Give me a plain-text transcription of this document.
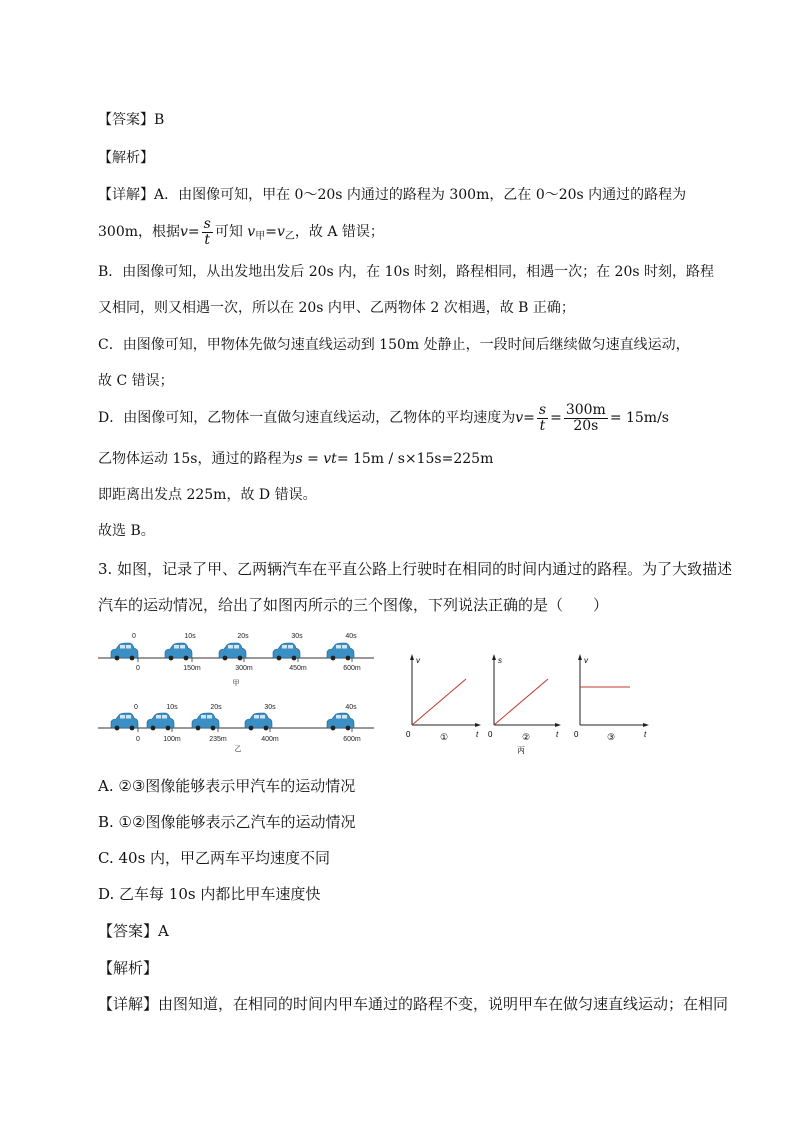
【答案】B
【解析】
【详解】A．由图像可知，甲在 0～20s 内通过的路程为 300m，乙在 0～20s 内通过的路程为
300m，根据$v= \frac{s}{t}$ 可知 $v_甲=v_乙$，故 A 错误；
B．由图像可知，从出发地出发后 20s 内，在 10s 时刻，路程相同，相遇一次；在 20s 时刻，路程
又相同，则又相遇一次，所以在 20s 内甲、乙两物体 2 次相遇，故 B 正确；
C．由图像可知，甲物体先做匀速直线运动到 150m 处静止，一段时间后继续做匀速直线运动，
故 C 错误；
D．由图像可知，乙物体一直做匀速直线运动，乙物体的平均速度为$v= \frac{s}{t} = \frac{300m}{20s} = 15m/s$
乙物体运动 15s，通过的路程为s = vt= 15m / s×15s=225m
即距离出发点 225m，故 D 错误。
故选 B。
3. 如图，记录了甲、乙两辆汽车在平直公路上行驶时在相同的时间内通过的路程。为了大致描述
汽车的运动情况，给出了如图丙所示的三个图像，下列说法正确的是（　　）
0	10s	20s	30s	40s
0	150m	300m	450m	600m
甲
0	10s	20s	30s	40s
0	100m	235m	400m	600m
乙
v
t
0	①
s
t
0	②
丙
v
t
0	③
A. ②③图像能够表示甲汽车的运动情况
B. ①②图像能够表示乙汽车的运动情况
C. 40s 内，甲乙两车平均速度不同
D. 乙车每 10s 内都比甲车速度快
【答案】A
【解析】
【详解】由图知道，在相同的时间内甲车通过的路程不变，说明甲车在做匀速直线运动；在相同
